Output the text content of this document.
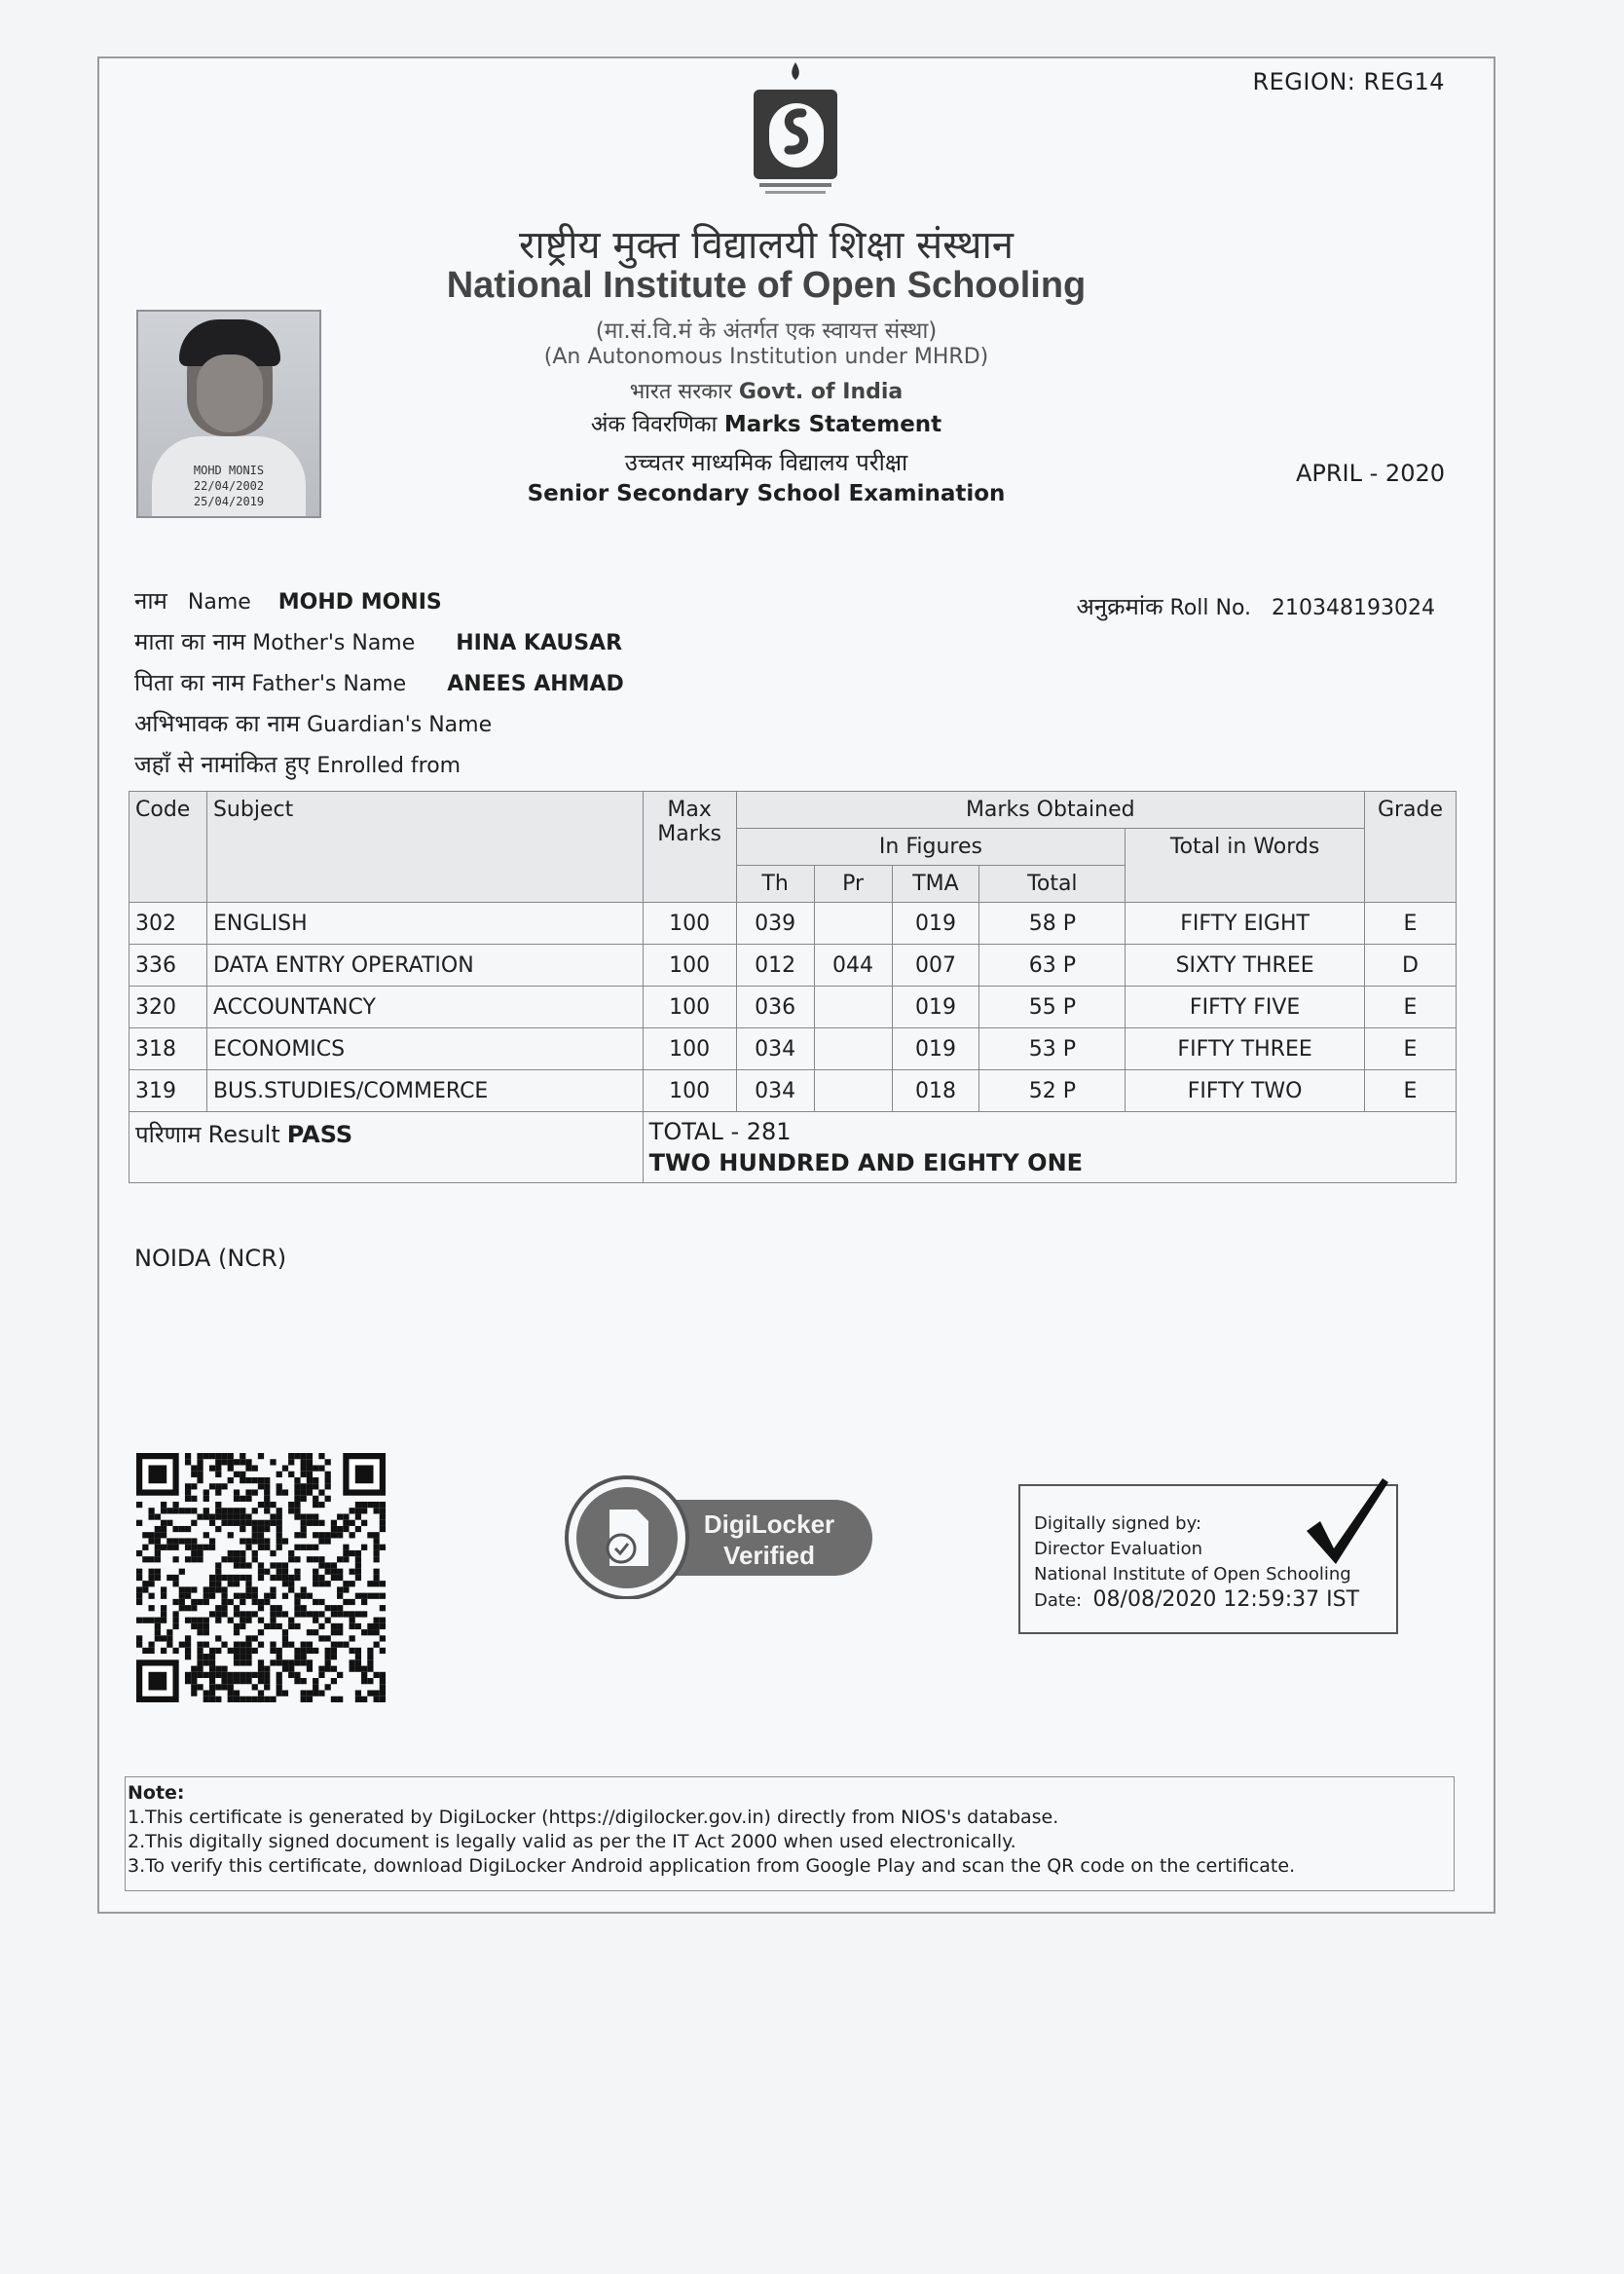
REGION: REG14
राष्ट्रीय मुक्त विद्यालयी शिक्षा संस्थान
National Institute of Open Schooling
(मा.सं.वि.मं के अंतर्गत एक स्वायत्त संस्था)
(An Autonomous Institution under MHRD)
भारत सरकार Govt. of India
अंक विवरणिका Marks Statement
उच्चतर माध्यमिक विद्यालय परीक्षा
Senior Secondary School Examination
APRIL - 2020
MOHD MONIS
22/04/2002
25/04/2019
नाम Name MOHD MONIS	अनुक्रमांक Roll No. 210348193024
माता का नाम Mother's Name HINA KAUSAR
पिता का नाम Father's Name ANEES AHMAD
अभिभावक का नाम Guardian's Name
जहाँ से नामांकित हुए Enrolled from
Code	Subject	Max Marks	Marks Obtained					Grade
			In Figures				Total in Words	
			Th	Pr	TMA	Total		
302	ENGLISH	100	039		019	58 P	FIFTY EIGHT	E
336	DATA ENTRY OPERATION	100	012	044	007	63 P	SIXTY THREE	D
320	ACCOUNTANCY	100	036		019	55 P	FIFTY FIVE	E
318	ECONOMICS	100	034		019	53 P	FIFTY THREE	E
319	BUS.STUDIES/COMMERCE	100	034		018	52 P	FIFTY TWO	E
परिणाम Result PASS		TOTAL - 281
TWO HUNDRED AND EIGHTY ONE						
NOIDA (NCR)
DigiLocker
Verified
Digitally signed by:
Director Evaluation
National Institute of Open Schooling
Date: 08/08/2020 12:59:37 IST
Note:
1.This certificate is generated by DigiLocker (https://digilocker.gov.in) directly from NIOS's database.
2.This digitally signed document is legally valid as per the IT Act 2000 when used electronically.
3.To verify this certificate, download DigiLocker Android application from Google Play and scan the QR code on the certificate.
